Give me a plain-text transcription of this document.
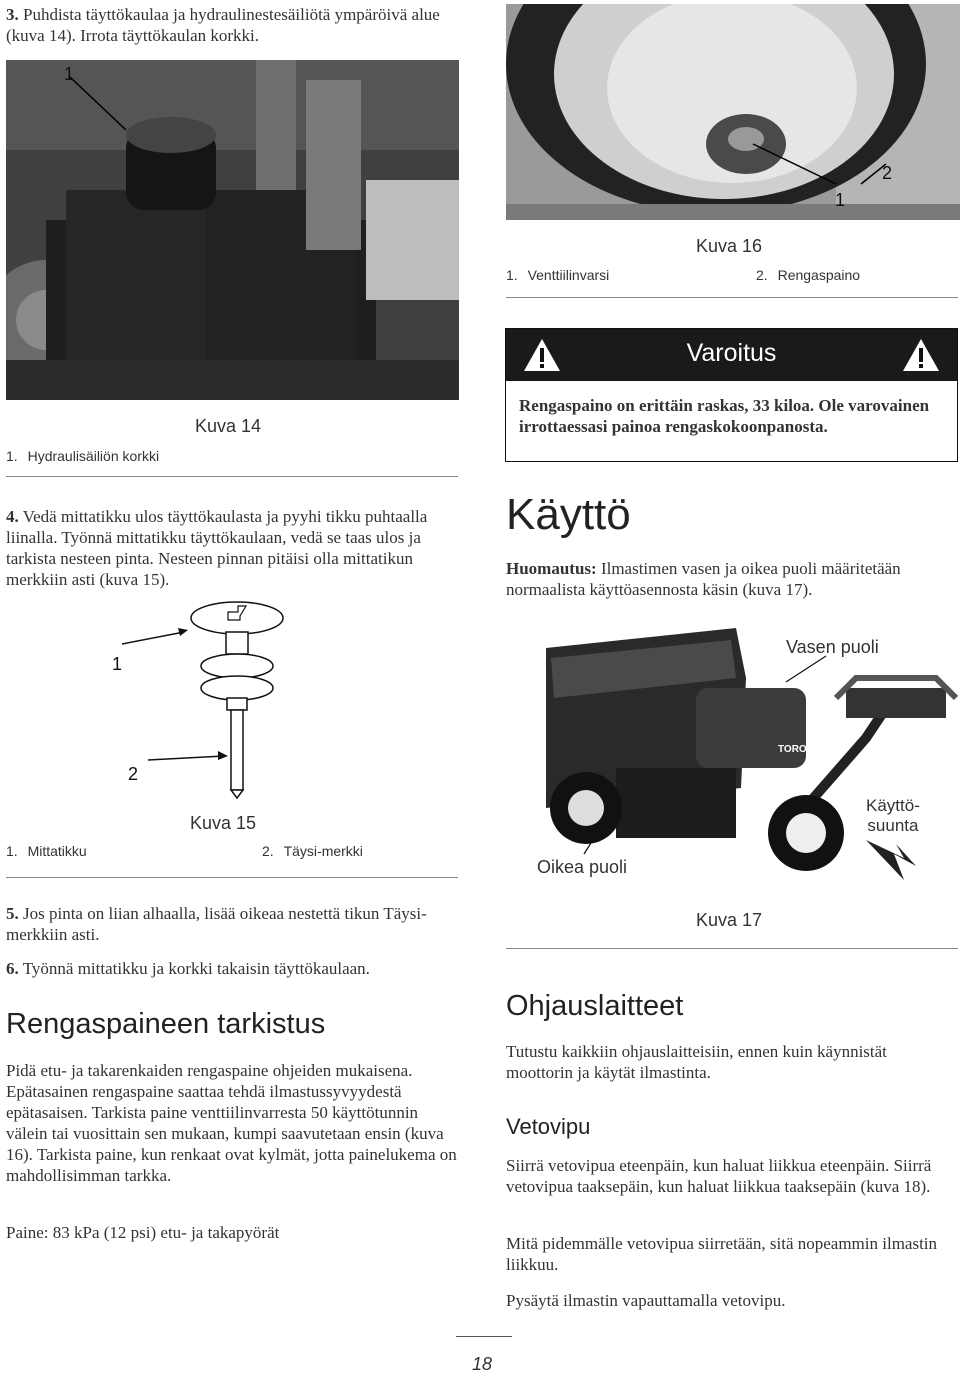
3. Puhdista täyttökaulaa ja hydraulinestesäiliötä ympäröivä alue (kuva 14). Irrota täyttökaulan korkki.
1
Kuva 14
1. Hydraulisäiliön korkki
4. Vedä mittatikku ulos täyttökaulasta ja pyyhi tikku puhtaalla liinalla. Työnnä mittatikku täyttökaulaan, vedä se taas ulos ja tarkista nesteen pinta. Nesteen pinnan pitäisi olla mittatikun merkkiin asti (kuva 15).
1
2
Kuva 15
1. Mittatikku	2. Täysi-merkki
5. Jos pinta on liian alhaalla, lisää oikeaa nestettä tikun Täysi-merkkiin asti.
6. Työnnä mittatikku ja korkki takaisin täyttökaulaan.
Rengaspaineen tarkistus

Pidä etu- ja takarenkaiden rengaspaine ohjeiden mukaisena. Epätasainen rengaspaine saattaa tehdä ilmastussyvyydestä epätasaisen. Tarkista paine venttiilinvarresta 50 käyttötunnin välein tai vuosittain sen mukaan, kumpi saavutetaan ensin (kuva 16). Tarkista paine, kun renkaat ovat kylmät, jotta painelukema on mahdollisimman tarkka.

Paine: 83 kPa (12 psi) etu- ja takapyörät

1
2
Kuva 16
1. Venttiilinvarsi	2. Rengaspaino
Varoitus

Rengaspaino on erittäin raskas, 33 kiloa. Ole varovainen irrottaessasi painoa rengaskokoonpanosta.

Käyttö

Huomautus: Ilmastimen vasen ja oikea puoli määritetään normaalista käyttöasennosta käsin (kuva 17).

TORO
Vasen puoli
Oikea puoli
Käyttö-
suunta
Kuva 17
Ohjauslaitteet

Tutustu kaikkiin ohjauslaitteisiin, ennen kuin käynnistät moottorin ja käytät ilmastinta.

Vetovipu

Siirrä vetovipua eteenpäin, kun haluat liikkua eteenpäin. Siirrä vetovipua taaksepäin, kun haluat liikkua taaksepäin (kuva 18).

Mitä pidemmälle vetovipua siirretään, sitä nopeammin ilmastin liikkuu.

Pysäytä ilmastin vapauttamalla vetovipu.

18
